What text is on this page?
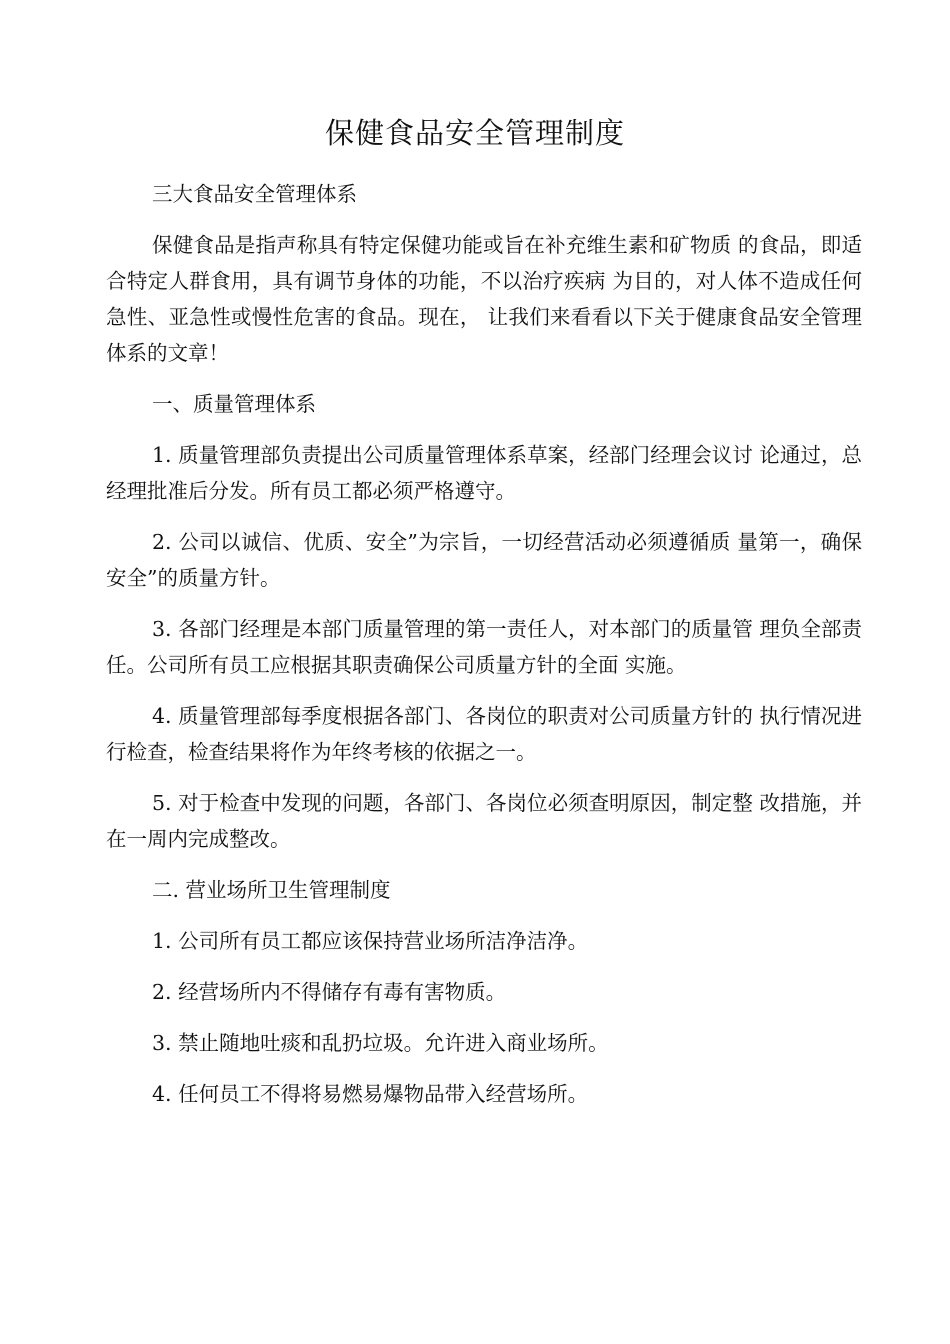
保健食品安全管理制度

三大食品安全管理体系

保健食品是指声称具有特定保健功能或旨在补充维生素和矿物质 的食品，即适合特定人群食用，具有调节身体的功能，不以治疗疾病 为目的，对人体不造成任何急性、亚急性或慢性危害的食品。现在， 让我们来看看以下关于健康食品安全管理体系的文章！

一、质量管理体系

1. 质量管理部负责提出公司质量管理体系草案，经部门经理会议讨 论通过，总经理批准后分发。所有员工都必须严格遵守。

2. 公司以诚信、优质、安全”为宗旨，一切经营活动必须遵循质 量第一，确保安全”的质量方针。

3. 各部门经理是本部门质量管理的第一责任人，对本部门的质量管 理负全部责任。公司所有员工应根据其职责确保公司质量方针的全面 实施。

4. 质量管理部每季度根据各部门、各岗位的职责对公司质量方针的 执行情况进行检查，检查结果将作为年终考核的依据之一。

5. 对于检查中发现的问题，各部门、各岗位必须查明原因，制定整 改措施，并在一周内完成整改。

二. 营业场所卫生管理制度

1. 公司所有员工都应该保持营业场所洁净洁净。

2. 经营场所内不得储存有毒有害物质。

3. 禁止随地吐痰和乱扔垃圾。允许进入商业场所。

4. 任何员工不得将易燃易爆物品带入经营场所。
